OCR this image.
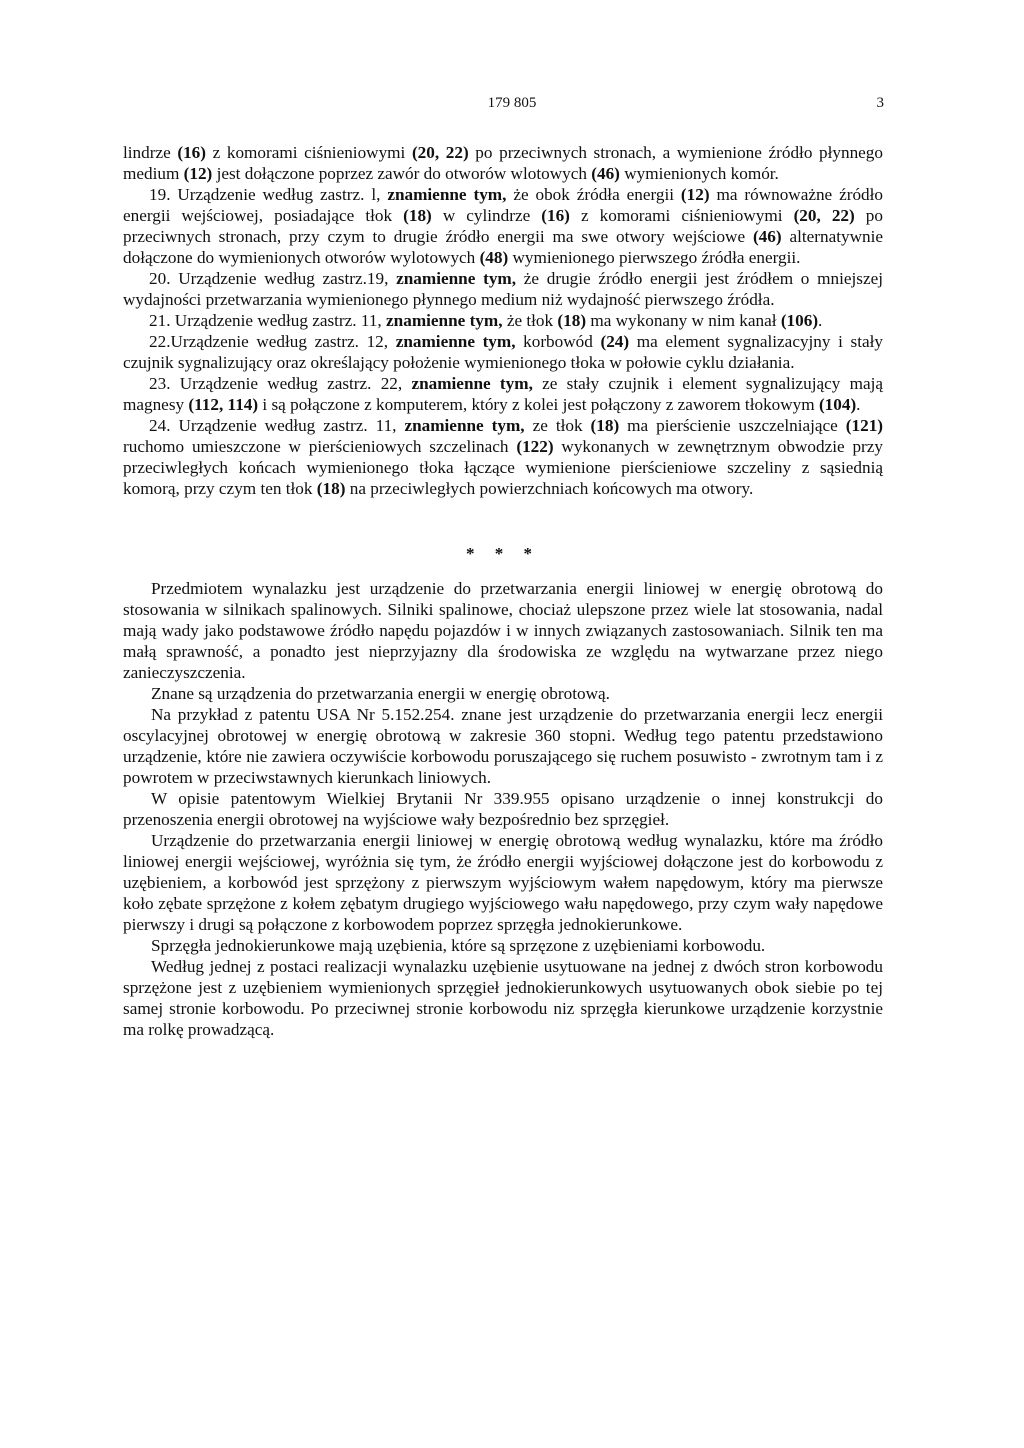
179 805	3

lindrze (16) z komorami ciśnieniowymi (20, 22) po przeciwnych stronach, a wymienione źródło płynnego medium (12) jest dołączone poprzez zawór do otworów wlotowych (46) wymienionych komór.

19. Urządzenie według zastrz. l, znamienne tym, że obok źródła energii (12) ma równoważne źródło energii wejściowej, posiadające tłok (18) w cylindrze (16) z komorami ciśnieniowymi (20, 22) po przeciwnych stronach, przy czym to drugie źródło energii ma swe otwory wejściowe (46) alternatywnie dołączone do wymienionych otworów wylotowych (48) wymienionego pierwszego źródła energii.

20. Urządzenie według zastrz.19, znamienne tym, że drugie źródło energii jest źródłem o mniejszej wydajności przetwarzania wymienionego płynnego medium niż wydajność pierwszego źródła.

21. Urządzenie według zastrz. 11, znamienne tym, że tłok (18) ma wykonany w nim kanał (106).

22.Urządzenie według zastrz. 12, znamienne tym, korbowód (24) ma element sygnalizacyjny i stały czujnik sygnalizujący oraz określający położenie wymienionego tłoka w połowie cyklu działania.

23. Urządzenie według zastrz. 22, znamienne tym, ze stały czujnik i element sygnalizujący mają magnesy (112, 114) i są połączone z komputerem, który z kolei jest połączony z zaworem tłokowym (104).

24. Urządzenie według zastrz. 11, znamienne tym, ze tłok (18) ma pierścienie uszczelniające (121) ruchomo umieszczone w pierścieniowych szczelinach (122) wykonanych w zewnętrznym obwodzie przy przeciwległych końcach wymienionego tłoka łączące wymienione pierścieniowe szczeliny z sąsiednią komorą, przy czym ten tłok (18) na przeciwległych powierzchniach końcowych ma otwory.

* * *

Przedmiotem wynalazku jest urządzenie do przetwarzania energii liniowej w energię obrotową do stosowania w silnikach spalinowych. Silniki spalinowe, chociaż ulepszone przez wiele lat stosowania, nadal mają wady jako podstawowe źródło napędu pojazdów i w innych związanych zastosowaniach. Silnik ten ma małą sprawność, a ponadto jest nieprzyjazny dla środowiska ze względu na wytwarzane przez niego zanieczyszczenia.

Znane są urządzenia do przetwarzania energii w energię obrotową.

Na przykład z patentu USA Nr 5.152.254. znane jest urządzenie do przetwarzania energii lecz energii oscylacyjnej obrotowej w energię obrotową w zakresie 360 stopni. Według tego patentu przedstawiono urządzenie, które nie zawiera oczywiście korbowodu poruszającego się ruchem posuwisto - zwrotnym tam i z powrotem w przeciwstawnych kierunkach liniowych.

W opisie patentowym Wielkiej Brytanii Nr 339.955 opisano urządzenie o innej konstrukcji do przenoszenia energii obrotowej na wyjściowe wały bezpośrednio bez sprzęgieł.

Urządzenie do przetwarzania energii liniowej w energię obrotową według wynalazku, które ma źródło liniowej energii wejściowej, wyróżnia się tym, że źródło energii wyjściowej dołączone jest do korbowodu z uzębieniem, a korbowód jest sprzężony z pierwszym wyjściowym wałem napędowym, który ma pierwsze koło zębate sprzężone z kołem zębatym drugiego wyjściowego wału napędowego, przy czym wały napędowe pierwszy i drugi są połączone z korbowodem poprzez sprzęgła jednokierunkowe.

Sprzęgła jednokierunkowe mają uzębienia, które są sprzęzone z uzębieniami korbowodu.

Według jednej z postaci realizacji wynalazku uzębienie usytuowane na jednej z dwóch stron korbowodu sprzężone jest z uzębieniem wymienionych sprzęgieł jednokierunkowych usytuowanych obok siebie po tej samej stronie korbowodu. Po przeciwnej stronie korbowodu niz sprzęgła kierunkowe urządzenie korzystnie ma rolkę prowadzącą.
